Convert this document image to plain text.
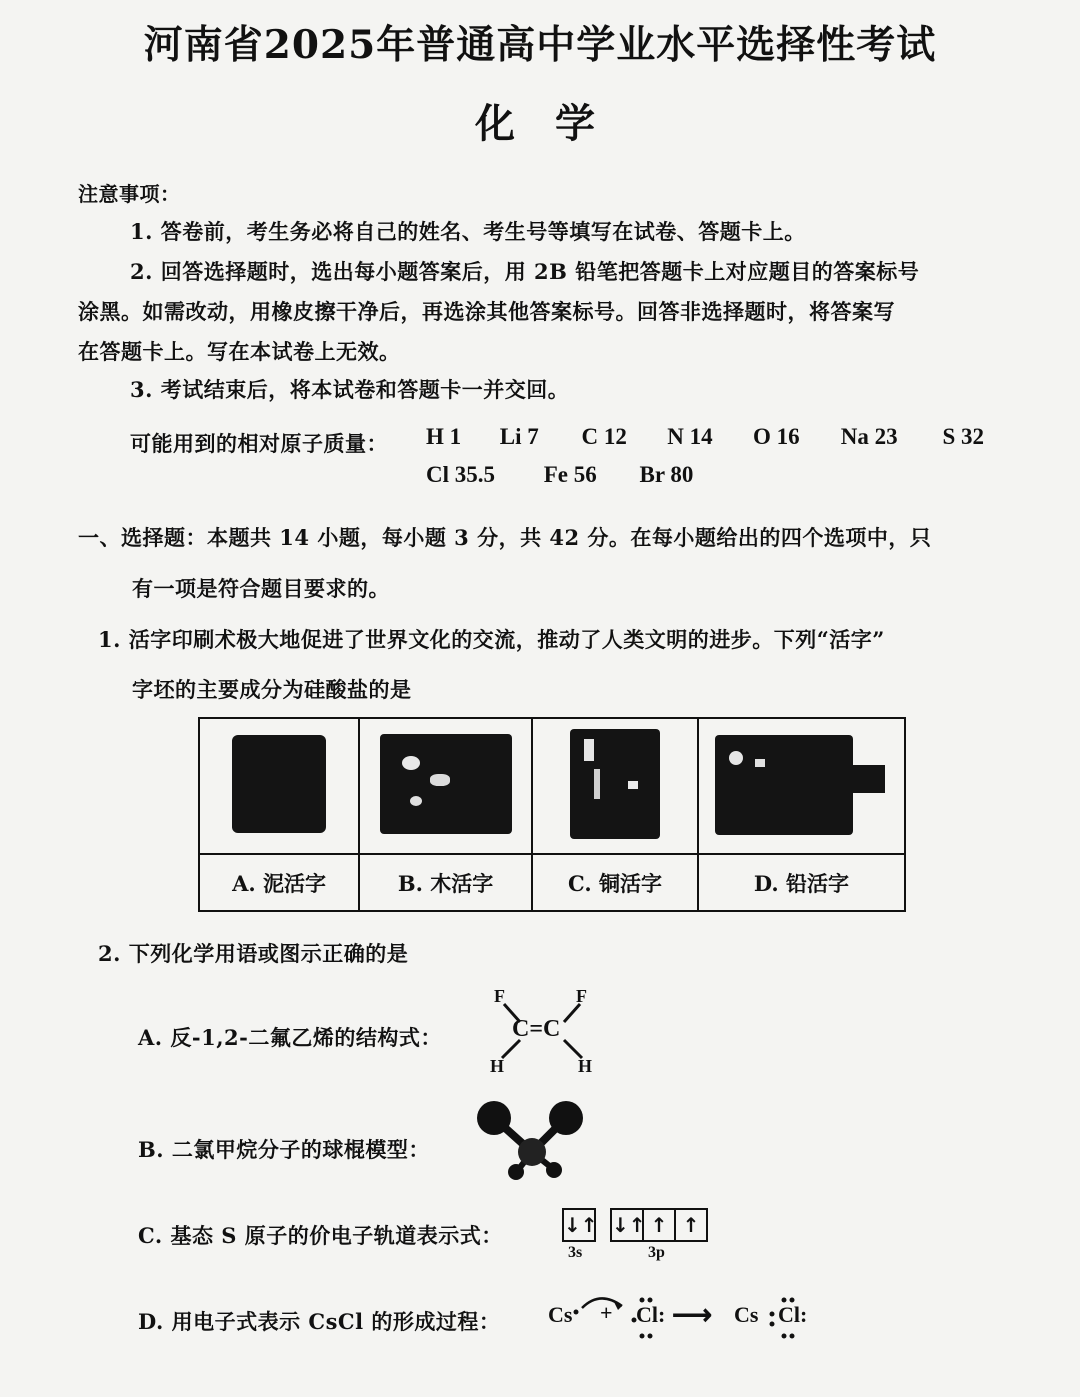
河南省2025年普通高中学业水平选择性考试
化学
注意事项：
1. 答卷前，考生务必将自己的姓名、考生号等填写在试卷、答题卡上。
2. 回答选择题时，选出每小题答案后，用 2B 铅笔把答题卡上对应题目的答案标号
涂黑。如需改动，用橡皮擦干净后，再选涂其他答案标号。回答非选择题时，将答案写
在答题卡上。写在本试卷上无效。
3. 考试结束后，将本试卷和答题卡一并交回。
可能用到的相对原子质量： H 1 Li 7 C 12 N 14 O 16 Na 23 S 32
Cl 35.5 Fe 56 Br 80
一、选择题：本题共 14 小题，每小题 3 分，共 42 分。在每小题给出的四个选项中，只
有一项是符合题目要求的。
1. 活字印刷术极大地促进了世界文化的交流，推动了人类文明的进步。下列“活字”
字坯的主要成分为硅酸盐的是

A. 泥活字	B. 木活字	C. 铜活字	D. 铅活字
2. 下列化学用语或图示正确的是
A. 反-1,2-二氟乙烯的结构式：
F	F
C=C
H	H
B. 二氯甲烷分子的球棍模型：
C. 基态 S 原子的价电子轨道表示式：	↓↑
3s
↓↑ ↑ ↑
3p
D. 用电子式表示 CsCl 的形成过程： Cs + Cl: ⟶ Cs Cl:
